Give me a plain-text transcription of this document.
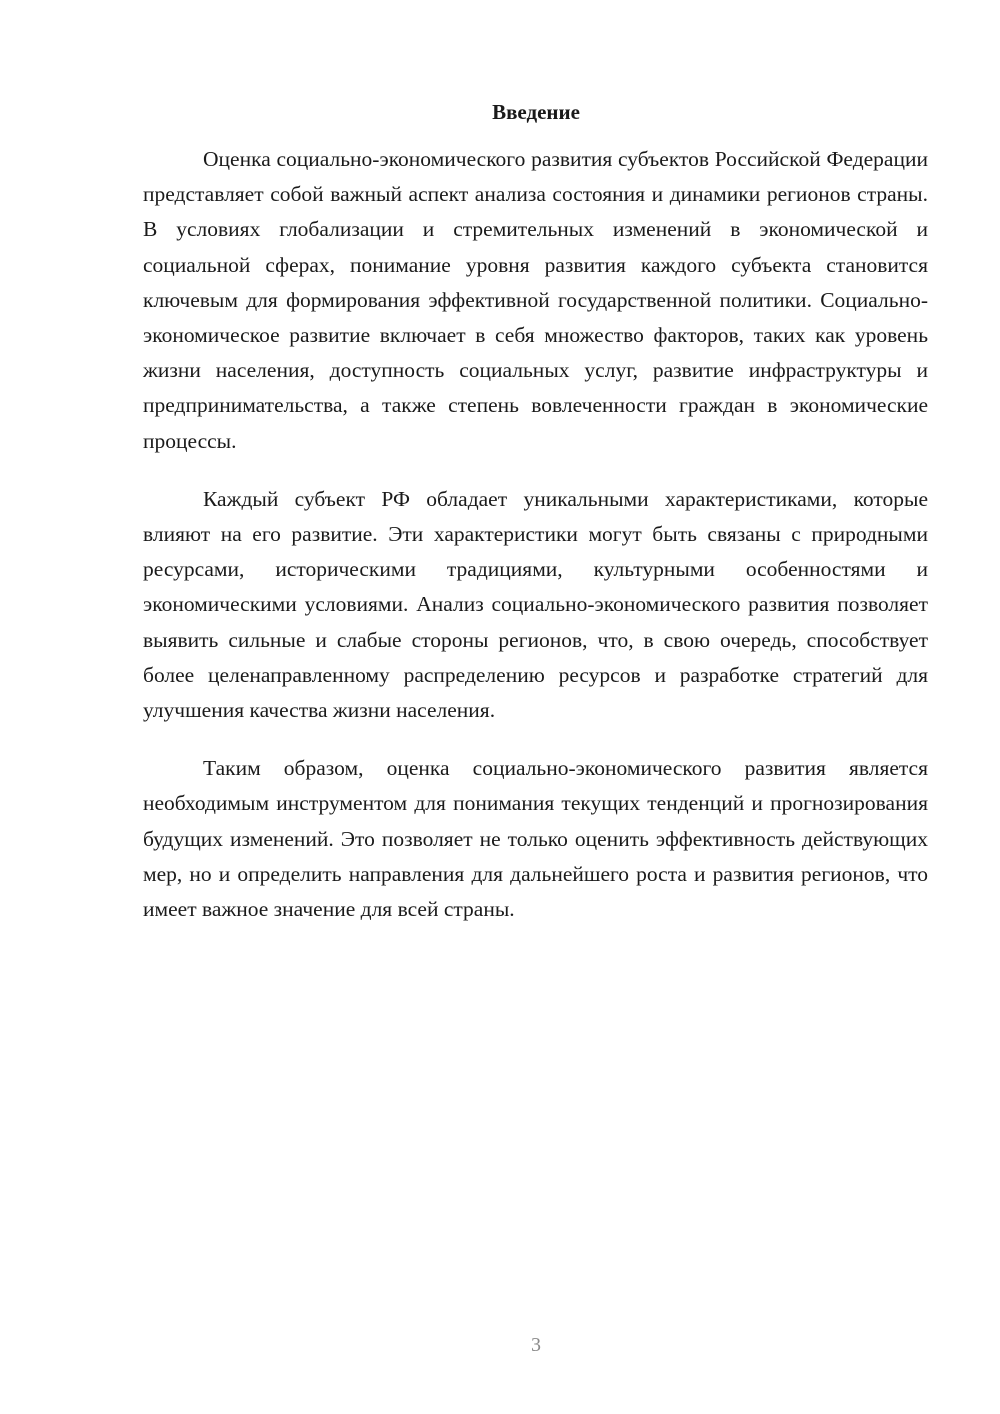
Введение

Оценка социально-экономического развития субъектов Российской Федерации представляет собой важный аспект анализа состояния и динамики регионов страны. В условиях глобализации и стремительных изменений в экономической и социальной сферах, понимание уровня развития каждого субъекта становится ключевым для формирования эффективной государственной политики. Социально-экономическое развитие включает в себя множество факторов, таких как уровень жизни населения, доступность социальных услуг, развитие инфраструктуры и предпринимательства, а также степень вовлеченности граждан в экономические процессы.

Каждый субъект РФ обладает уникальными характеристиками, которые влияют на его развитие. Эти характеристики могут быть связаны с природными ресурсами, историческими традициями, культурными особенностями и экономическими условиями. Анализ социально-экономического развития позволяет выявить сильные и слабые стороны регионов, что, в свою очередь, способствует более целенаправленному распределению ресурсов и разработке стратегий для улучшения качества жизни населения.

Таким образом, оценка социально-экономического развития является необходимым инструментом для понимания текущих тенденций и прогнозирования будущих изменений. Это позволяет не только оценить эффективность действующих мер, но и определить направления для дальнейшего роста и развития регионов, что имеет важное значение для всей страны.

3
